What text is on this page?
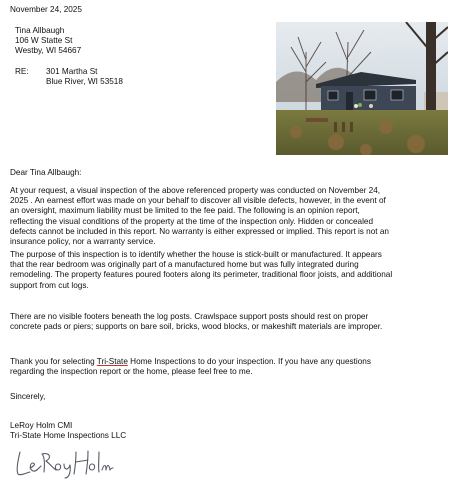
November 24, 2025
Tina Allbaugh
106 W Statte St
Westby, WI 54667
RE: 301 Martha St
Blue River, WI 53518
Dear Tina Allbaugh:
At your request, a visual inspection of the above referenced property was conducted on November 24,
2025 . An earnest effort was made on your behalf to discover all visible defects, however, in the event of
an oversight, maximum liability must be limited to the fee paid. The following is an opinion report,
reflecting the visual conditions of the property at the time of the inspection only. Hidden or concealed
defects cannot be included in this report. No warranty is either expressed or implied. This report is not an
insurance policy, nor a warranty service.
The purpose of this inspection is to identify whether the house is stick-built or manufactured. It appears
that the rear bedroom was originally part of a manufactured home but was fully integrated during
remodeling. The property features poured footers along its perimeter, traditional floor joists, and additional
support from cut logs.
There are no visible footers beneath the log posts. Crawlspace support posts should rest on proper
concrete pads or piers; supports on bare soil, bricks, wood blocks, or makeshift materials are improper.
Thank you for selecting Tri-State Home Inspections to do your inspection. If you have any questions
regarding the inspection report or the home, please feel free to me.
Sincerely,
LeRoy Holm CMI
Tri-State Home Inspections LLC
